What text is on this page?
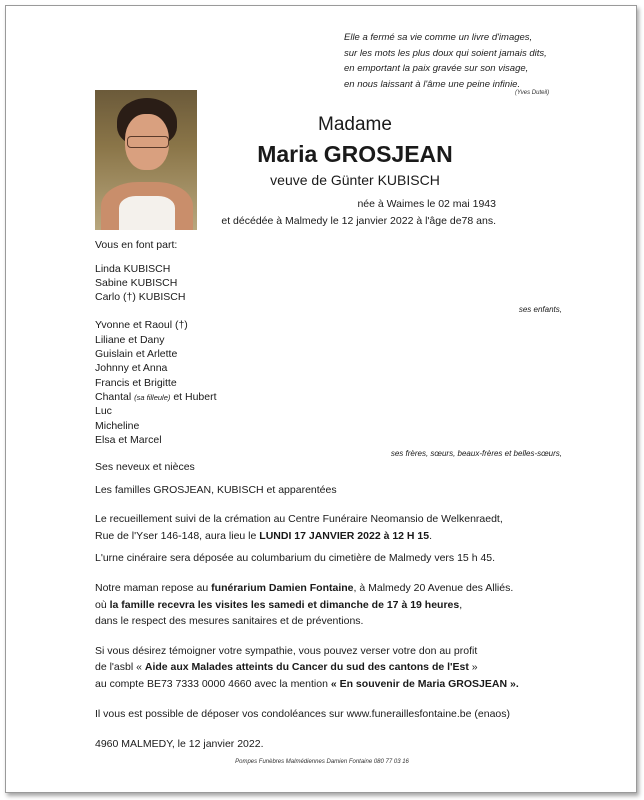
Elle a fermé sa vie comme un livre d'images,
sur les mots les plus doux qui soient jamais dits,
en emportant la paix gravée sur son visage,
en nous laissant à l'âme une peine infinie.
(Yves Duteil)
Madame
Maria GROSJEAN
veuve de Günter KUBISCH
née à Waimes le 02 mai 1943
et décédée à Malmedy le 12 janvier 2022 à l'âge de78 ans.
Vous en font part:
Linda KUBISCH
Sabine KUBISCH
Carlo (†) KUBISCH
ses enfants,
Yvonne et Raoul (†)
Liliane et Dany
Guislain et Arlette
Johnny et Anna
Francis et Brigitte
Chantal (sa filleule) et Hubert
Luc
Micheline
Elsa et Marcel
ses frères, sœurs, beaux-frères et belles-sœurs,
Ses neveux et nièces
Les familles GROSJEAN, KUBISCH et apparentées
Le recueillement suivi de la crémation au Centre Funéraire Neomansio de Welkenraedt,
Rue de l'Yser 146-148, aura lieu le LUNDI 17 JANVIER 2022 à 12 H 15.
L'urne cinéraire sera déposée au columbarium du cimetière de Malmedy vers 15 h 45.
Notre maman repose au funérarium Damien Fontaine, à Malmedy 20 Avenue des Alliés.
où la famille recevra les visites les samedi et dimanche de 17 à 19 heures,
dans le respect des mesures sanitaires et de préventions.
Si vous désirez témoigner votre sympathie, vous pouvez verser votre don au profit
de l'asbl « Aide aux Malades atteints du Cancer du sud des cantons de l'Est »
au compte BE73 7333 0000 4660 avec la mention « En souvenir de Maria GROSJEAN ».
Il vous est possible de déposer vos condoléances sur www.funeraillesfontaine.be (enaos)
4960 MALMEDY, le 12 janvier 2022.
Pompes Funèbres Malmédiennes Damien Fontaine 080 77 03 16
